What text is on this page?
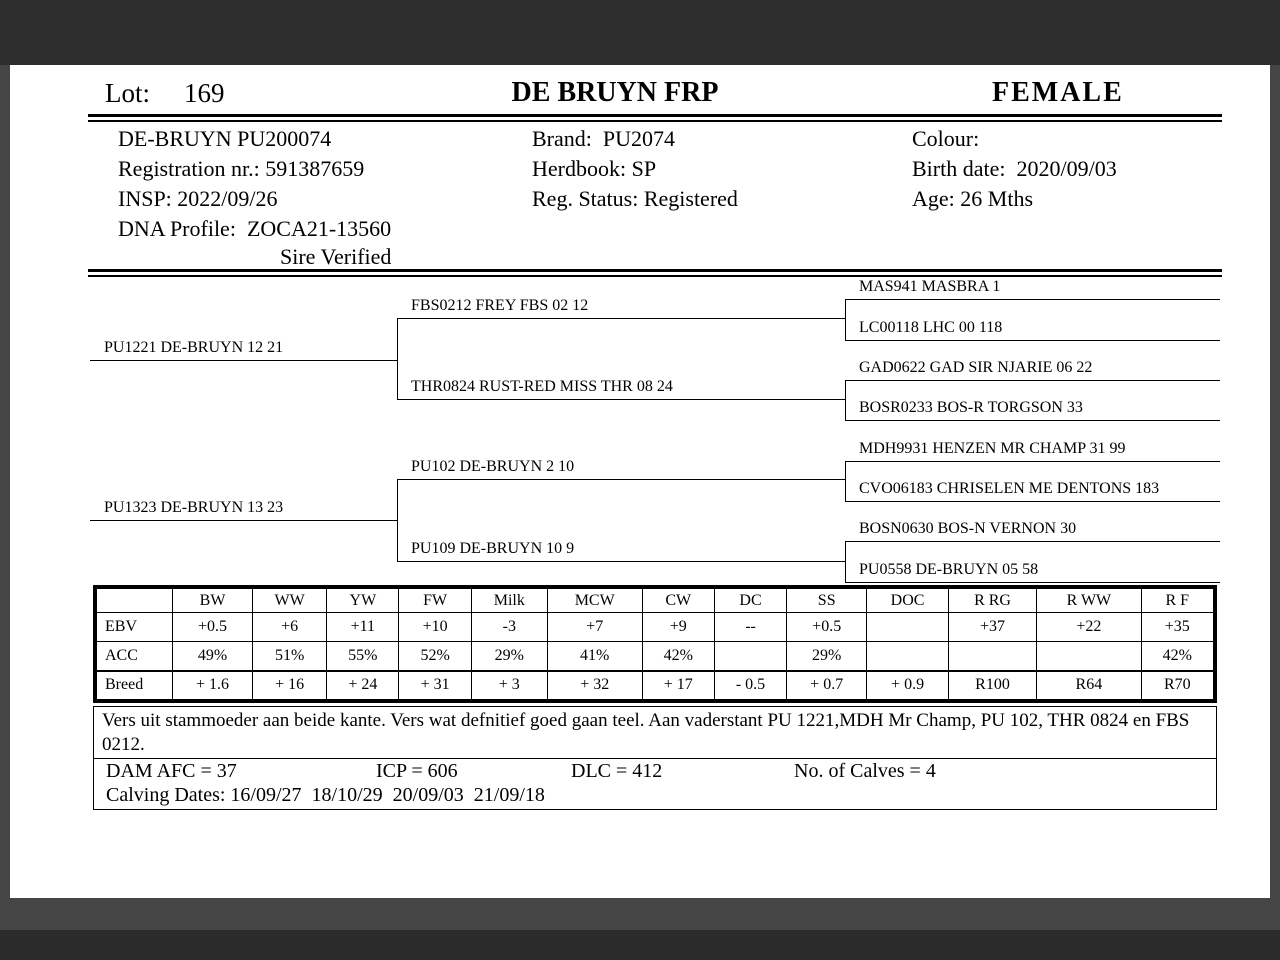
Lot: 169	DE BRUYN FRP	FEMALE
DE-BRUYN PU200074
Registration nr.: 591387659
INSP: 2022/09/26
DNA Profile:  ZOCA21-13560
Sire Verified
Brand:  PU2074
Herdbook: SP
Reg. Status: Registered
Colour:
Birth date:  2020/09/03
Age: 26 Mths
PU1221 DE-BRUYN 12 21
PU1323 DE-BRUYN 13 23
FBS0212 FREY FBS 02 12
THR0824 RUST-RED MISS THR 08 24
PU102 DE-BRUYN 2 10
PU109 DE-BRUYN 10 9
MAS941 MASBRA 1
LC00118 LHC 00 118
GAD0622 GAD SIR NJARIE 06 22
BOSR0233 BOS-R TORGSON 33
MDH9931 HENZEN MR CHAMP 31 99
CVO06183 CHRISELEN ME DENTONS 183
BOSN0630 BOS-N VERNON 30
PU0558 DE-BRUYN 05 58
	BW	WW	YW	FW	Milk	MCW	CW	DC	SS	DOC	R RG	R WW	R F
EBV	+0.5	+6	+11	+10	-3	+7	+9	--	+0.5		+37	+22	+35
ACC	49%	51%	55%	52%	29%	41%	42%		29%				42%
Breed	+ 1.6	+ 16	+ 24	+ 31	+ 3	+ 32	+ 17	- 0.5	+ 0.7	+ 0.9	R100	R64	R70
Vers uit stammoeder aan beide kante. Vers wat defnitief goed gaan teel. Aan vaderstant PU 1221,MDH Mr Champ, PU 102, THR 0824 en FBS 0212.
DAM AFC = 37	ICP = 606	DLC = 412	No. of Calves = 4
Calving Dates: 16/09/27  18/10/29  20/09/03  21/09/18
